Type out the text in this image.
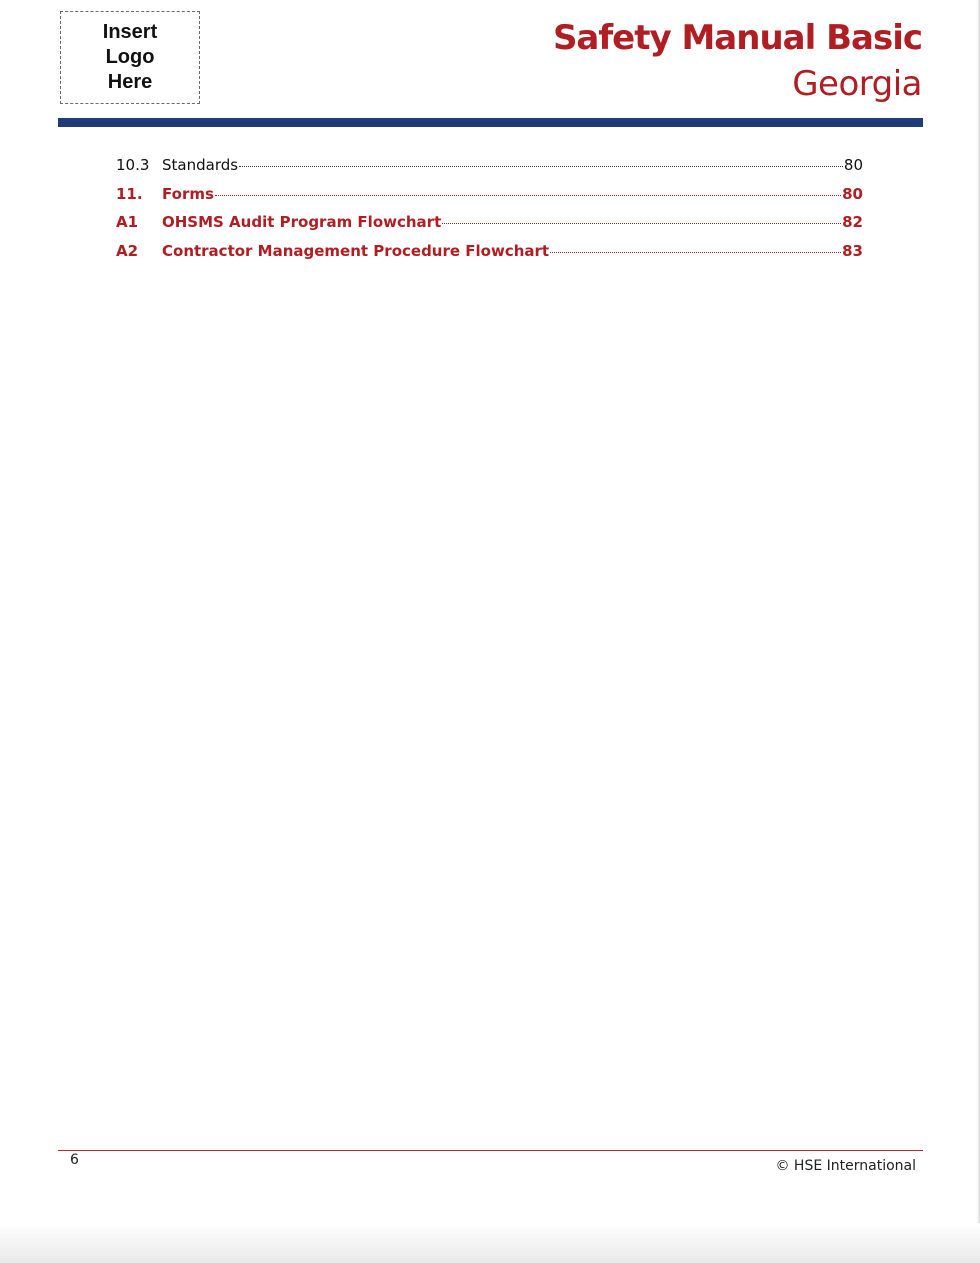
Insert
Logo
Here
Safety Manual Basic
Georgia
10.3 Standards	80
11.	Forms	80
A1	OHSMS Audit Program Flowchart	82
A2	Contractor Management Procedure Flowchart	83
6	© HSE International
